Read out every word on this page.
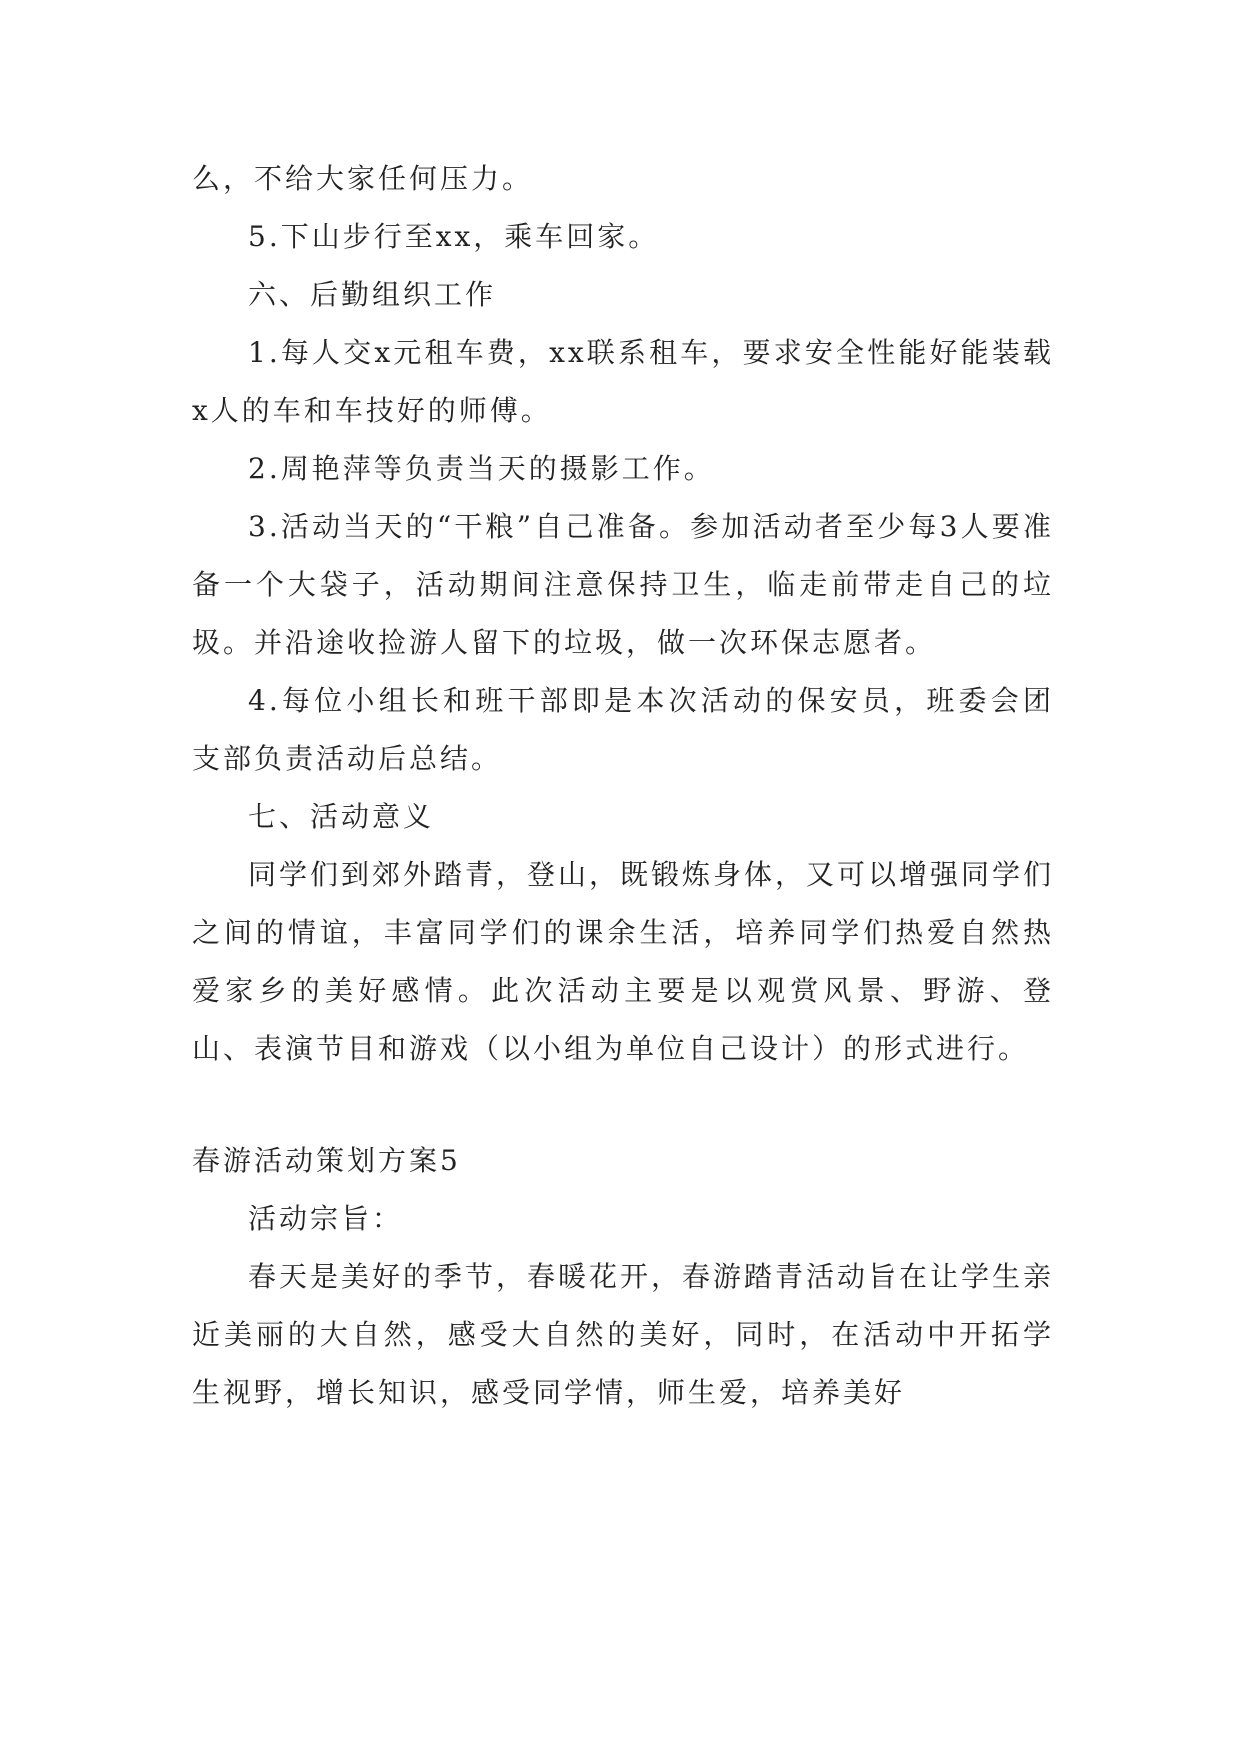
么，不给大家任何压力。

5.下山步行至xx，乘车回家。

六、后勤组织工作

1.每人交x元租车费，xx联系租车，要求安全性能好能装载x人的车和车技好的师傅。

2.周艳萍等负责当天的摄影工作。

3.活动当天的“干粮”自己准备。参加活动者至少每3人要准备一个大袋子，活动期间注意保持卫生，临走前带走自己的垃圾。并沿途收捡游人留下的垃圾，做一次环保志愿者。

4.每位小组长和班干部即是本次活动的保安员，班委会团支部负责活动后总结。

七、活动意义

同学们到郊外踏青，登山，既锻炼身体，又可以增强同学们之间的情谊，丰富同学们的课余生活，培养同学们热爱自然热爱家乡的美好感情。此次活动主要是以观赏风景、野游、登山、表演节目和游戏（以小组为单位自己设计）的形式进行。

春游活动策划方案5

活动宗旨：

春天是美好的季节，春暖花开，春游踏青活动旨在让学生亲近美丽的大自然，感受大自然的美好，同时，在活动中开拓学生视野，增长知识，感受同学情，师生爱，培养美好
